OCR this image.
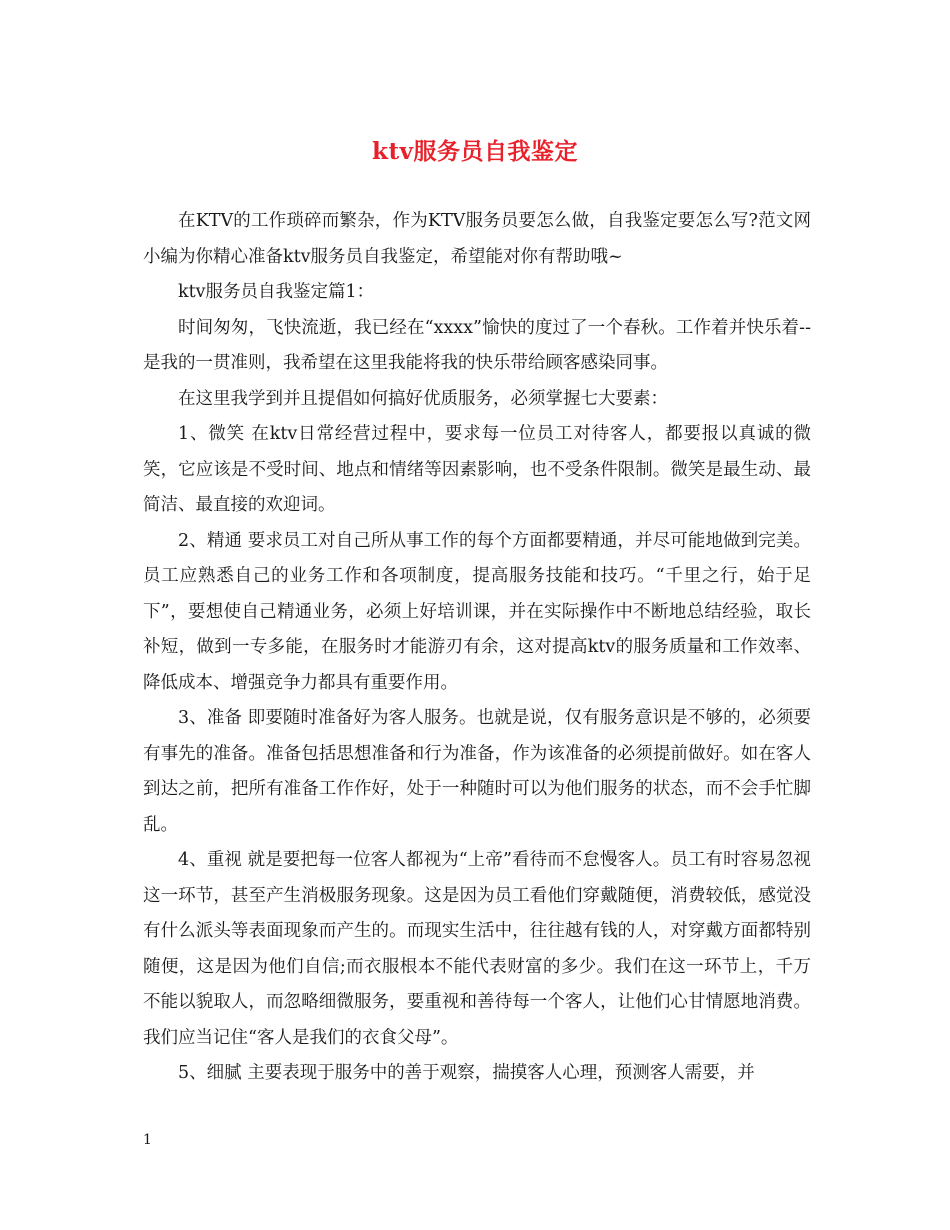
ktv服务员自我鉴定

在KTV的工作琐碎而繁杂，作为KTV服务员要怎么做，自我鉴定要怎么写?范文网小编为你精心准备ktv服务员自我鉴定，希望能对你有帮助哦~

ktv服务员自我鉴定篇1：

时间匆匆，飞快流逝，我已经在“xxxx”愉快的度过了一个春秋。工作着并快乐着--是我的一贯准则，我希望在这里我能将我的快乐带给顾客感染同事。

在这里我学到并且提倡如何搞好优质服务，必须掌握七大要素：

1、微笑 在ktv日常经营过程中，要求每一位员工对待客人，都要报以真诚的微笑，它应该是不受时间、地点和情绪等因素影响，也不受条件限制。微笑是最生动、最简洁、最直接的欢迎词。

2、精通 要求员工对自己所从事工作的每个方面都要精通，并尽可能地做到完美。员工应熟悉自己的业务工作和各项制度，提高服务技能和技巧。“千里之行，始于足下”，要想使自己精通业务，必须上好培训课，并在实际操作中不断地总结经验，取长补短，做到一专多能，在服务时才能游刃有余，这对提高ktv的服务质量和工作效率、降低成本、增强竞争力都具有重要作用。

3、准备 即要随时准备好为客人服务。也就是说，仅有服务意识是不够的，必须要有事先的准备。准备包括思想准备和行为准备，作为该准备的必须提前做好。如在客人到达之前，把所有准备工作作好，处于一种随时可以为他们服务的状态，而不会手忙脚乱。

4、重视 就是要把每一位客人都视为“上帝”看待而不怠慢客人。员工有时容易忽视这一环节，甚至产生消极服务现象。这是因为员工看他们穿戴随便，消费较低，感觉没有什么派头等表面现象而产生的。而现实生活中，往往越有钱的人，对穿戴方面都特别随便，这是因为他们自信;而衣服根本不能代表财富的多少。我们在这一环节上，千万不能以貌取人，而忽略细微服务，要重视和善待每一个客人，让他们心甘情愿地消费。我们应当记住“客人是我们的衣食父母”。

5、细腻 主要表现于服务中的善于观察，揣摸客人心理，预测客人需要，并

1
